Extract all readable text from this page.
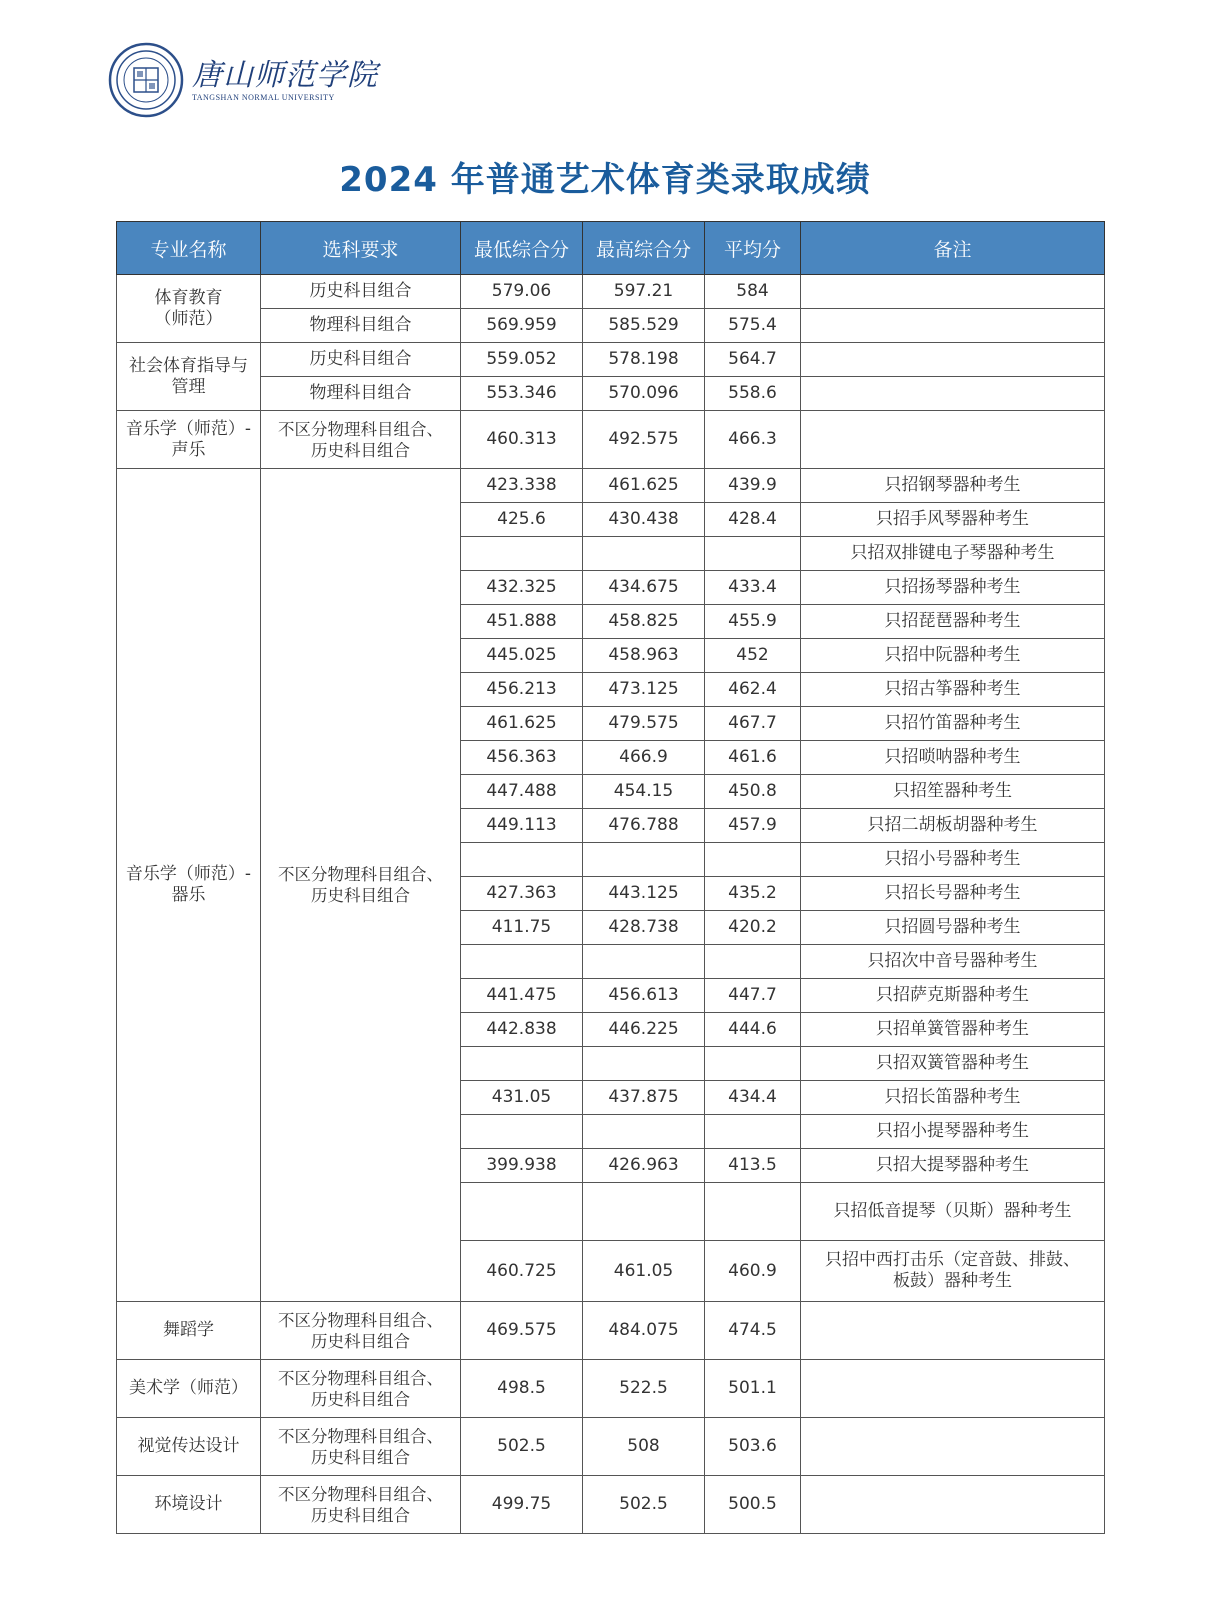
唐山师范学院
TANGSHAN NORMAL UNIVERSITY
2024 年普通艺术体育类录取成绩
专业名称	选科要求	最低综合分	最高综合分	平均分	备注
体育教育
（师范）	历史科目组合	579.06	597.21	584	
	物理科目组合	569.959	585.529	575.4	
社会体育指导与
管理	历史科目组合	559.052	578.198	564.7	
	物理科目组合	553.346	570.096	558.6	
音乐学（师范）-
声乐	不区分物理科目组合、
历史科目组合	460.313	492.575	466.3	
音乐学（师范）-
器乐	不区分物理科目组合、
历史科目组合	423.338	461.625	439.9	只招钢琴器种考生
		425.6	430.438	428.4	只招手风琴器种考生
					只招双排键电子琴器种考生
		432.325	434.675	433.4	只招扬琴器种考生
		451.888	458.825	455.9	只招琵琶器种考生
		445.025	458.963	452	只招中阮器种考生
		456.213	473.125	462.4	只招古筝器种考生
		461.625	479.575	467.7	只招竹笛器种考生
		456.363	466.9	461.6	只招唢呐器种考生
		447.488	454.15	450.8	只招笙器种考生
		449.113	476.788	457.9	只招二胡板胡器种考生
					只招小号器种考生
		427.363	443.125	435.2	只招长号器种考生
		411.75	428.738	420.2	只招圆号器种考生
					只招次中音号器种考生
		441.475	456.613	447.7	只招萨克斯器种考生
		442.838	446.225	444.6	只招单簧管器种考生
					只招双簧管器种考生
		431.05	437.875	434.4	只招长笛器种考生
					只招小提琴器种考生
		399.938	426.963	413.5	只招大提琴器种考生
					只招低音提琴（贝斯）器种考生
		460.725	461.05	460.9	只招中西打击乐（定音鼓、排鼓、
板鼓）器种考生
舞蹈学	不区分物理科目组合、
历史科目组合	469.575	484.075	474.5	
美术学（师范）	不区分物理科目组合、
历史科目组合	498.5	522.5	501.1	
视觉传达设计	不区分物理科目组合、
历史科目组合	502.5	508	503.6	
环境设计	不区分物理科目组合、
历史科目组合	499.75	502.5	500.5	
